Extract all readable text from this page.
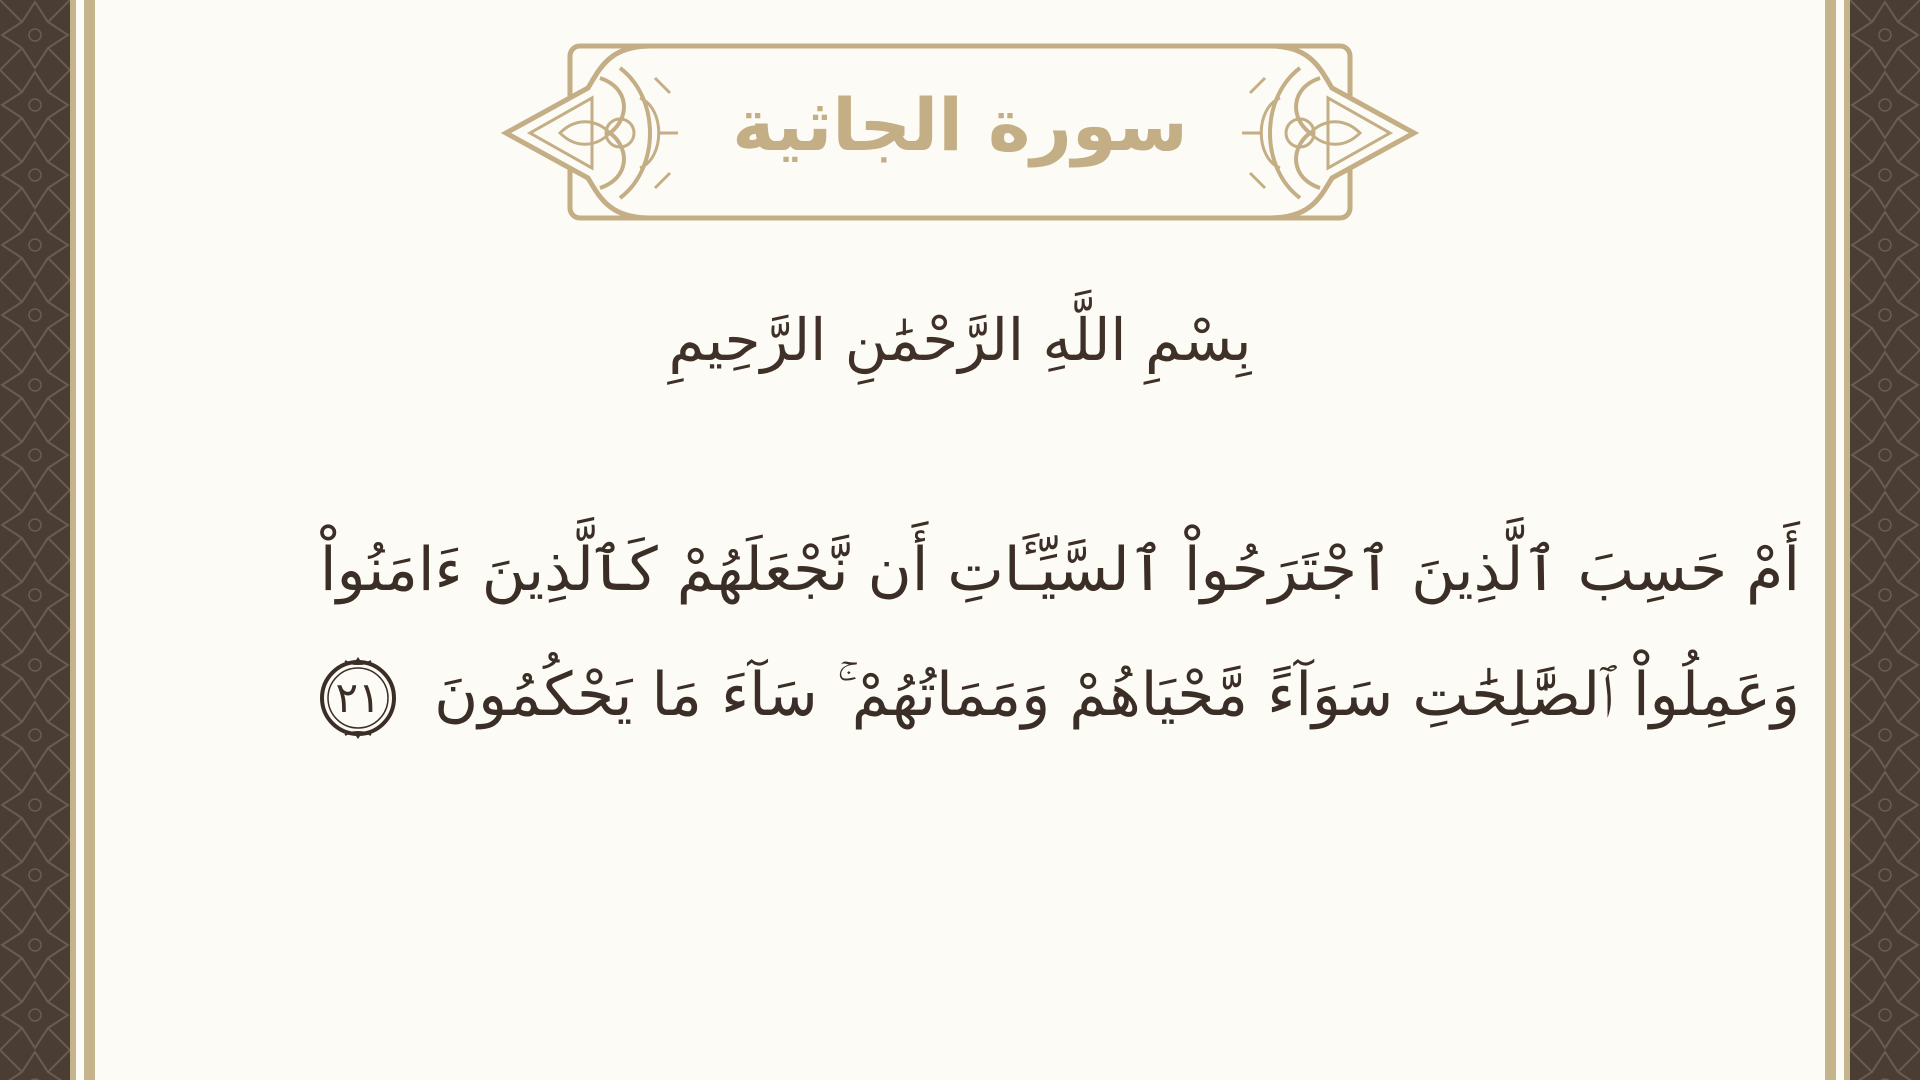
سورة الجاثية
بِسْمِ اللَّهِ الرَّحْمَٰنِ الرَّحِيمِ
أَمْ حَسِبَ ٱلَّذِينَ ٱجْتَرَحُواْ ٱلسَّيِّـَٔاتِ أَن نَّجْعَلَهُمْ كَٱلَّذِينَ ءَامَنُواْ
وَعَمِلُواْ ٱلصَّٰلِحَٰتِ سَوَآءً مَّحْيَاهُمْ وَمَمَاتُهُمْ ۚ سَآءَ مَا يَحْكُمُونَ
٢١
